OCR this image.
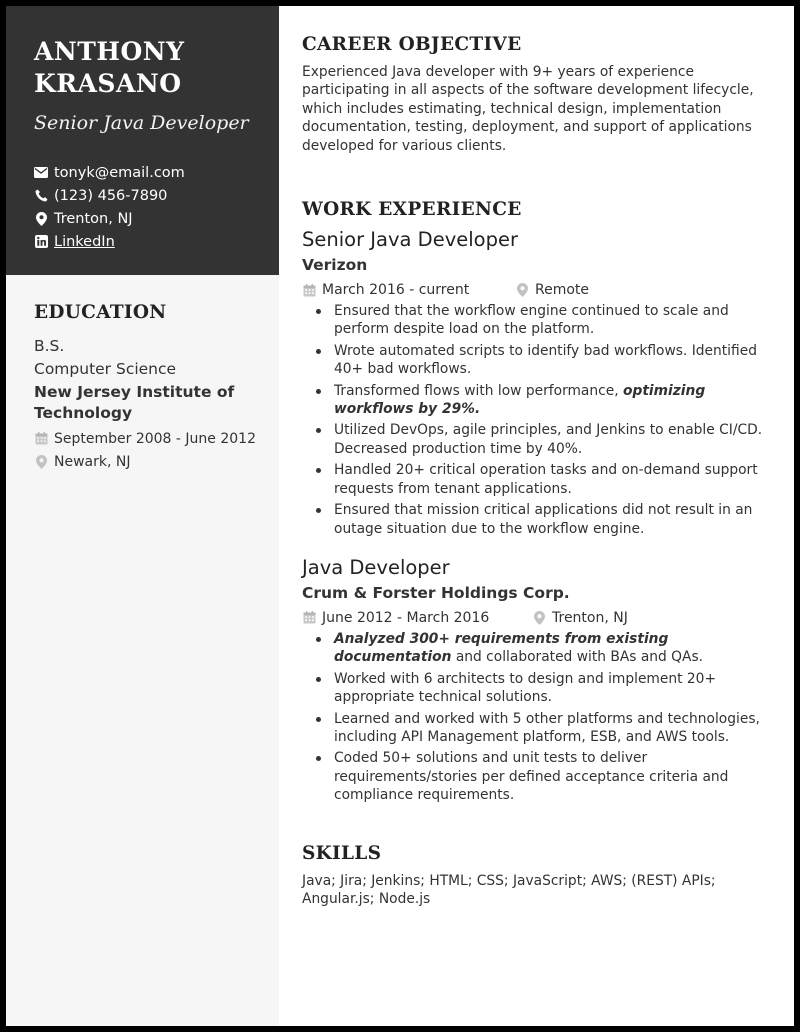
ANTHONY
KRASANO
Senior Java Developer
tonyk@email.com
(123) 456-7890
Trenton, NJ
LinkedIn
EDUCATION
B.S.
Computer Science
New Jersey Institute of Technology
September 2008 - June 2012
Newark, NJ
CAREER OBJECTIVE
Experienced Java developer with 9+ years of experience participating in all aspects of the software development lifecycle, which includes estimating, technical design, implementation documentation, testing, deployment, and support of applications developed for various clients.
WORK EXPERIENCE
Senior Java Developer
Verizon
March 2016 - current	Remote
Ensured that the workflow engine continued to scale and perform despite load on the platform.
Wrote automated scripts to identify bad workflows. Identified 40+ bad workflows.
Transformed flows with low performance, optimizing workflows by 29%.
Utilized DevOps, agile principles, and Jenkins to enable CI/CD. Decreased production time by 40%.
Handled 20+ critical operation tasks and on-demand support requests from tenant applications.
Ensured that mission critical applications did not result in an outage situation due to the workflow engine.
Java Developer
Crum & Forster Holdings Corp.
June 2012 - March 2016	Trenton, NJ
Analyzed 300+ requirements from existing documentation and collaborated with BAs and QAs.
Worked with 6 architects to design and implement 20+ appropriate technical solutions.
Learned and worked with 5 other platforms and technologies, including API Management platform, ESB, and AWS tools.
Coded 50+ solutions and unit tests to deliver requirements/stories per defined acceptance criteria and compliance requirements.
SKILLS
Java; Jira; Jenkins; HTML; CSS; JavaScript; AWS; (REST) APIs; Angular.js; Node.js
